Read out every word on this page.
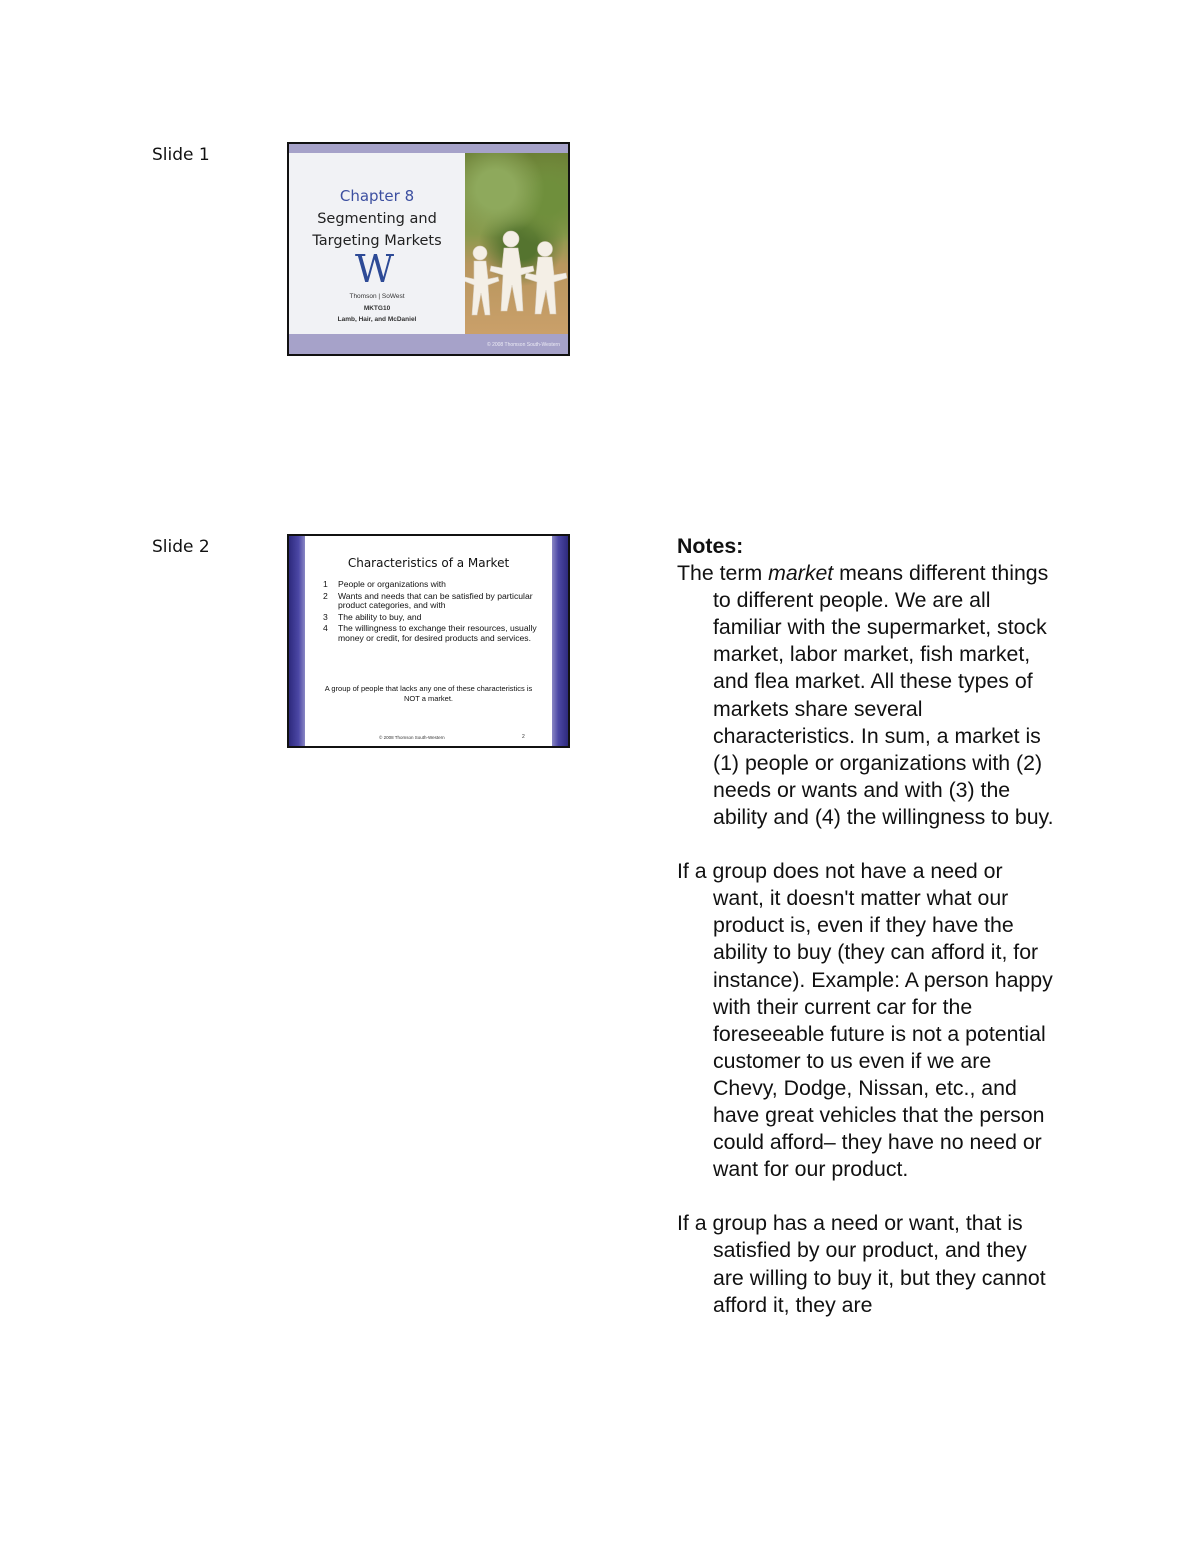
Slide 1
Chapter 8
Segmenting and
Targeting Markets
W
Thomson | SoWest
MKTG10
Lamb, Hair, and McDaniel
© 2008 Thomson South-Western
Slide 2
Characteristics of a Market
1 People or organizations with
2 Wants and needs that can be satisfied by particular product categories, and with
3 The ability to buy, and
4 The willingness to exchange their resources, usually money or credit, for desired products and services.
A group of people that lacks any one of these characteristics is NOT a market.
© 2008 Thomson South-Western	2
Notes:

The term market means different things to different people. We are all familiar with the supermarket, stock market, labor market, fish market, and flea market. All these types of markets share several characteristics. In sum, a market is (1) people or organizations with (2) needs or wants and with (3) the ability and (4) the willingness to buy.

If a group does not have a need or want, it doesn't matter what our product is, even if they have the ability to buy (they can afford it, for instance). Example: A person happy with their current car for the foreseeable future is not a potential customer to us even if we are Chevy, Dodge, Nissan, etc., and have great vehicles that the person could afford– they have no need or want for our product.

If a group has a need or want, that is satisfied by our product, and they are willing to buy it, but they cannot afford it, they are
